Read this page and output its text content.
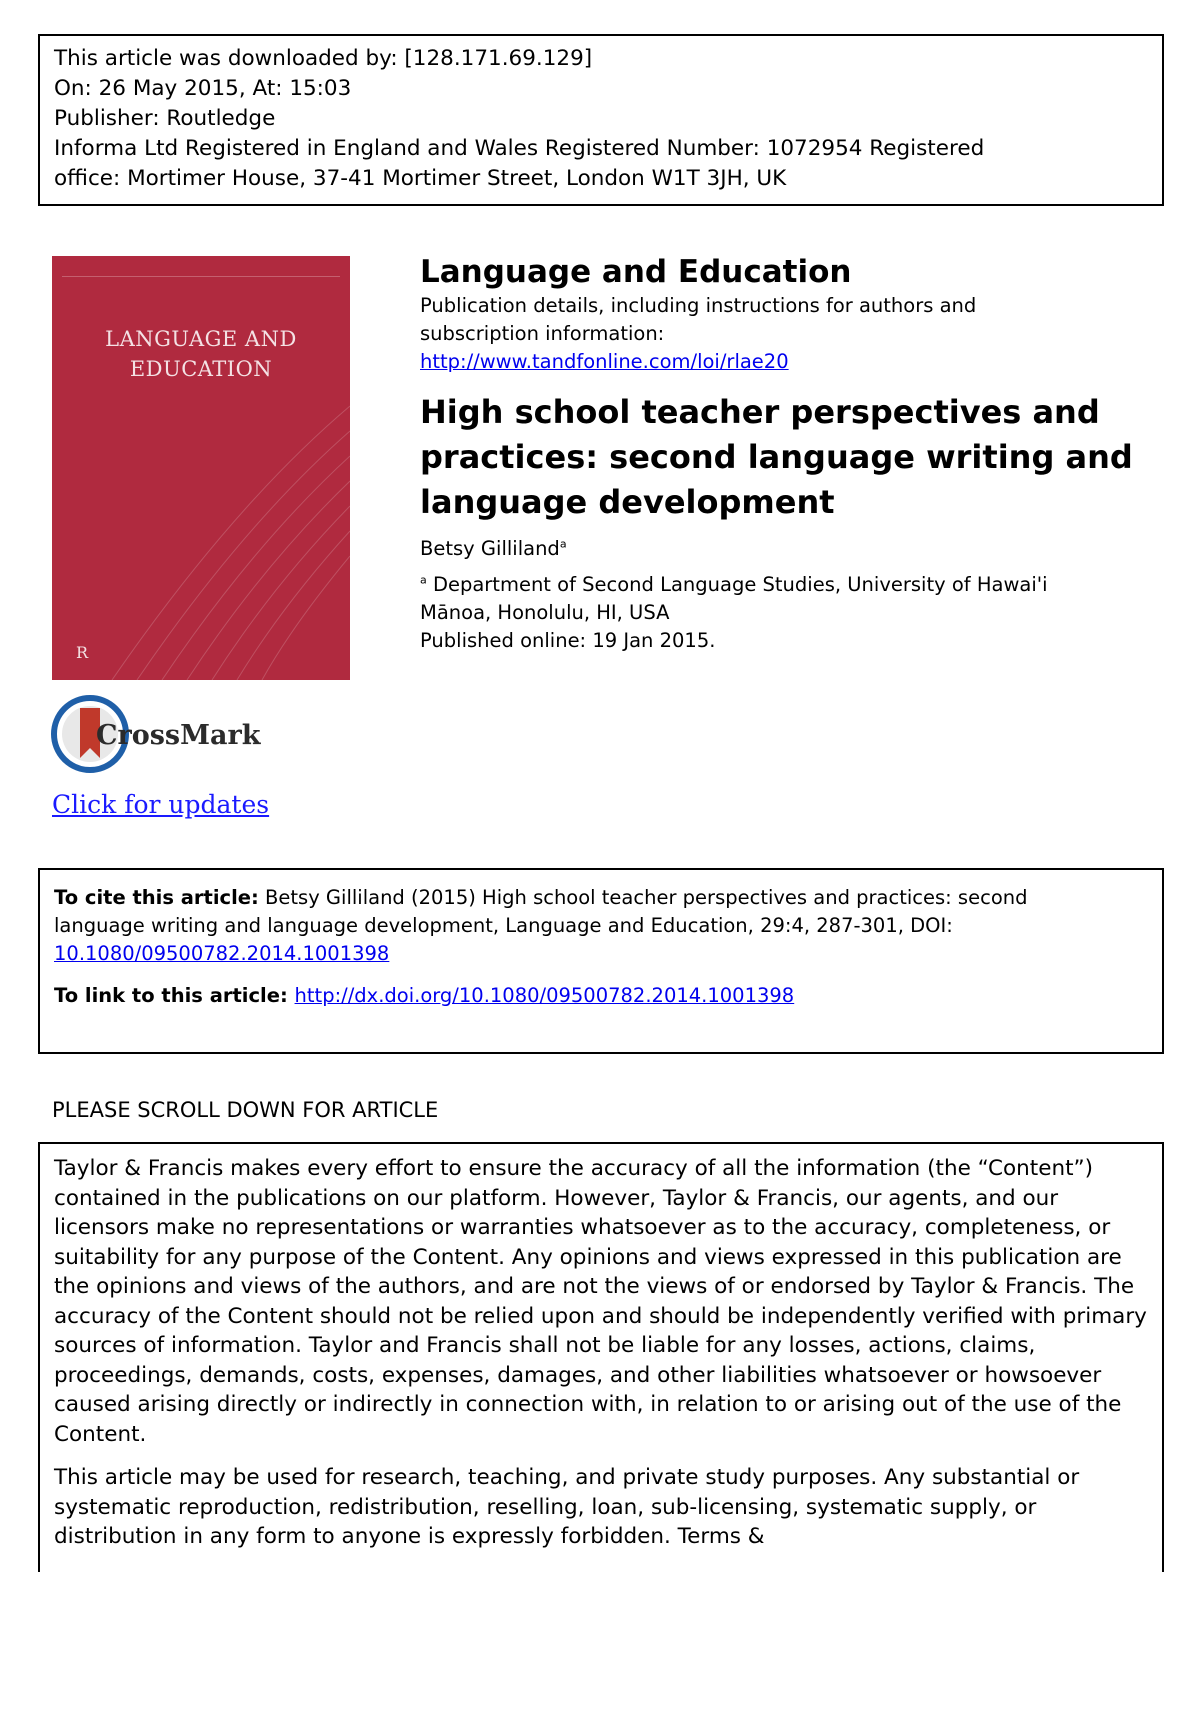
This article was downloaded by: [128.171.69.129]
On: 26 May 2015, At: 15:03
Publisher: Routledge
Informa Ltd Registered in England and Wales Registered Number: 1072954 Registered
office: Mortimer House, 37-41 Mortimer Street, London W1T 3JH, UK
LANGUAGE AND
EDUCATION
R
CrossMark
Click for updates
Language and Education
Publication details, including instructions for authors and
subscription information:
http://www.tandfonline.com/loi/rlae20
High school teacher perspectives and
practices: second language writing and
language development
Betsy Gilliland$^a$
$^a$ Department of Second Language Studies, University of Hawai'i
Mānoa, Honolulu, HI, USA
Published online: 19 Jan 2015.
To cite this article: Betsy Gilliland (2015) High school teacher perspectives and practices: second
language writing and language development, Language and Education, 29:4, 287-301, DOI:
10.1080/09500782.2014.1001398
To link to this article: http://dx.doi.org/10.1080/09500782.2014.1001398
PLEASE SCROLL DOWN FOR ARTICLE

Taylor & Francis makes every effort to ensure the accuracy of all the information (the “Content”) contained in the publications on our platform. However, Taylor & Francis, our agents, and our licensors make no representations or warranties whatsoever as to the accuracy, completeness, or suitability for any purpose of the Content. Any opinions and views expressed in this publication are the opinions and views of the authors, and are not the views of or endorsed by Taylor & Francis. The accuracy of the Content should not be relied upon and should be independently verified with primary sources of information. Taylor and Francis shall not be liable for any losses, actions, claims, proceedings, demands, costs, expenses, damages, and other liabilities whatsoever or howsoever caused arising directly or indirectly in connection with, in relation to or arising out of the use of the Content.

This article may be used for research, teaching, and private study purposes. Any substantial or systematic reproduction, redistribution, reselling, loan, sub-licensing, systematic supply, or distribution in any form to anyone is expressly forbidden. Terms &
